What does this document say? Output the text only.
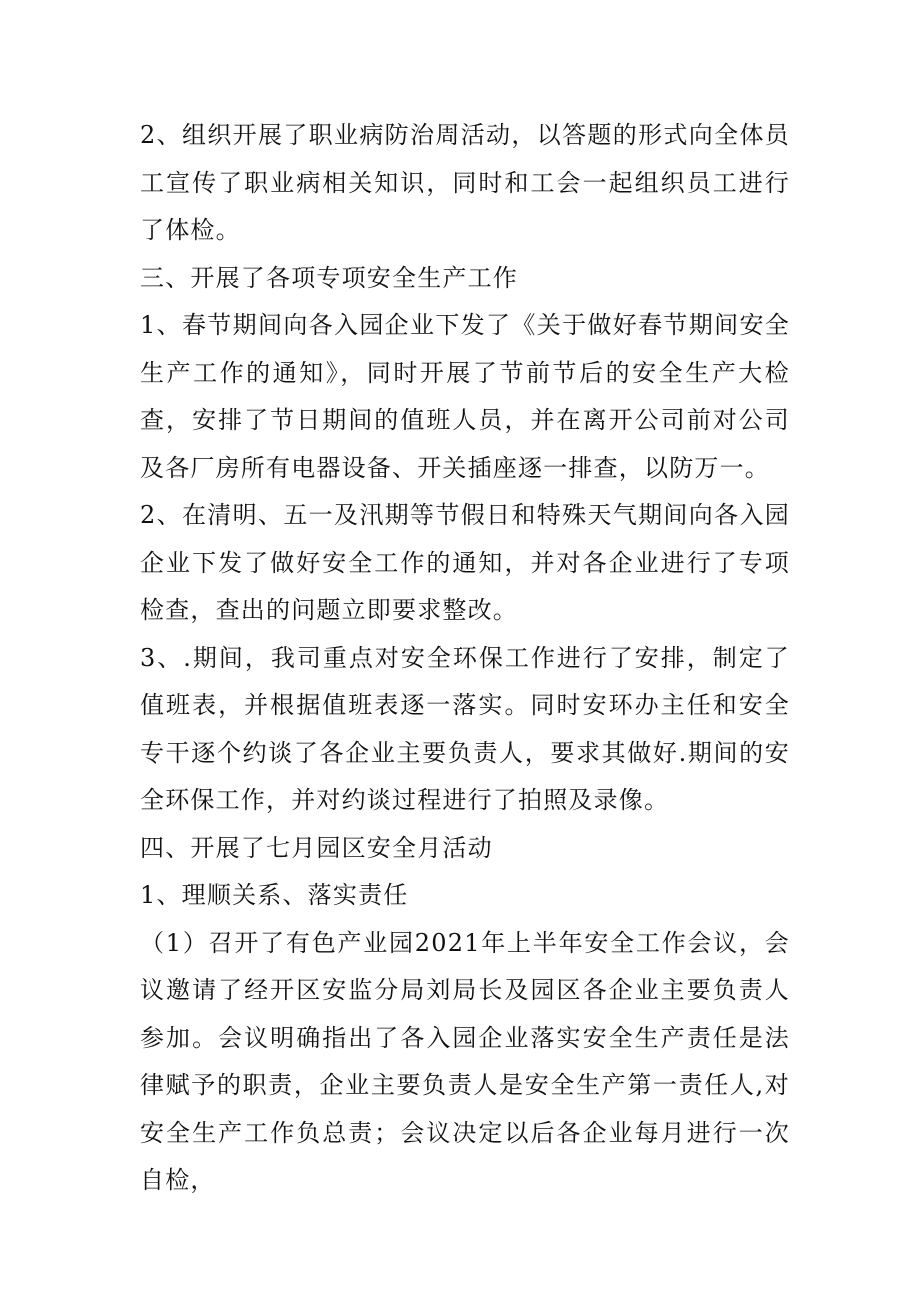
2、组织开展了职业病防治周活动，以答题的形式向全体员工宣传了职业病相关知识，同时和工会一起组织员工进行了体检。

三、开展了各项专项安全生产工作

1、春节期间向各入园企业下发了《关于做好春节期间安全生产工作的通知》，同时开展了节前节后的安全生产大检查，安排了节日期间的值班人员，并在离开公司前对公司及各厂房所有电器设备、开关插座逐一排查，以防万一。

2、在清明、五一及汛期等节假日和特殊天气期间向各入园企业下发了做好安全工作的通知，并对各企业进行了专项检查，查出的问题立即要求整改。

3、.期间，我司重点对安全环保工作进行了安排，制定了值班表，并根据值班表逐一落实。同时安环办主任和安全专干逐个约谈了各企业主要负责人，要求其做好.期间的安全环保工作，并对约谈过程进行了拍照及录像。

四、开展了七月园区安全月活动

1、理顺关系、落实责任

（1）召开了有色产业园2021年上半年安全工作会议，会议邀请了经开区安监分局刘局长及园区各企业主要负责人参加。会议明确指出了各入园企业落实安全生产责任是法律赋予的职责，企业主要负责人是安全生产第一责任人,对安全生产工作负总责；会议决定以后各企业每月进行一次自检，
